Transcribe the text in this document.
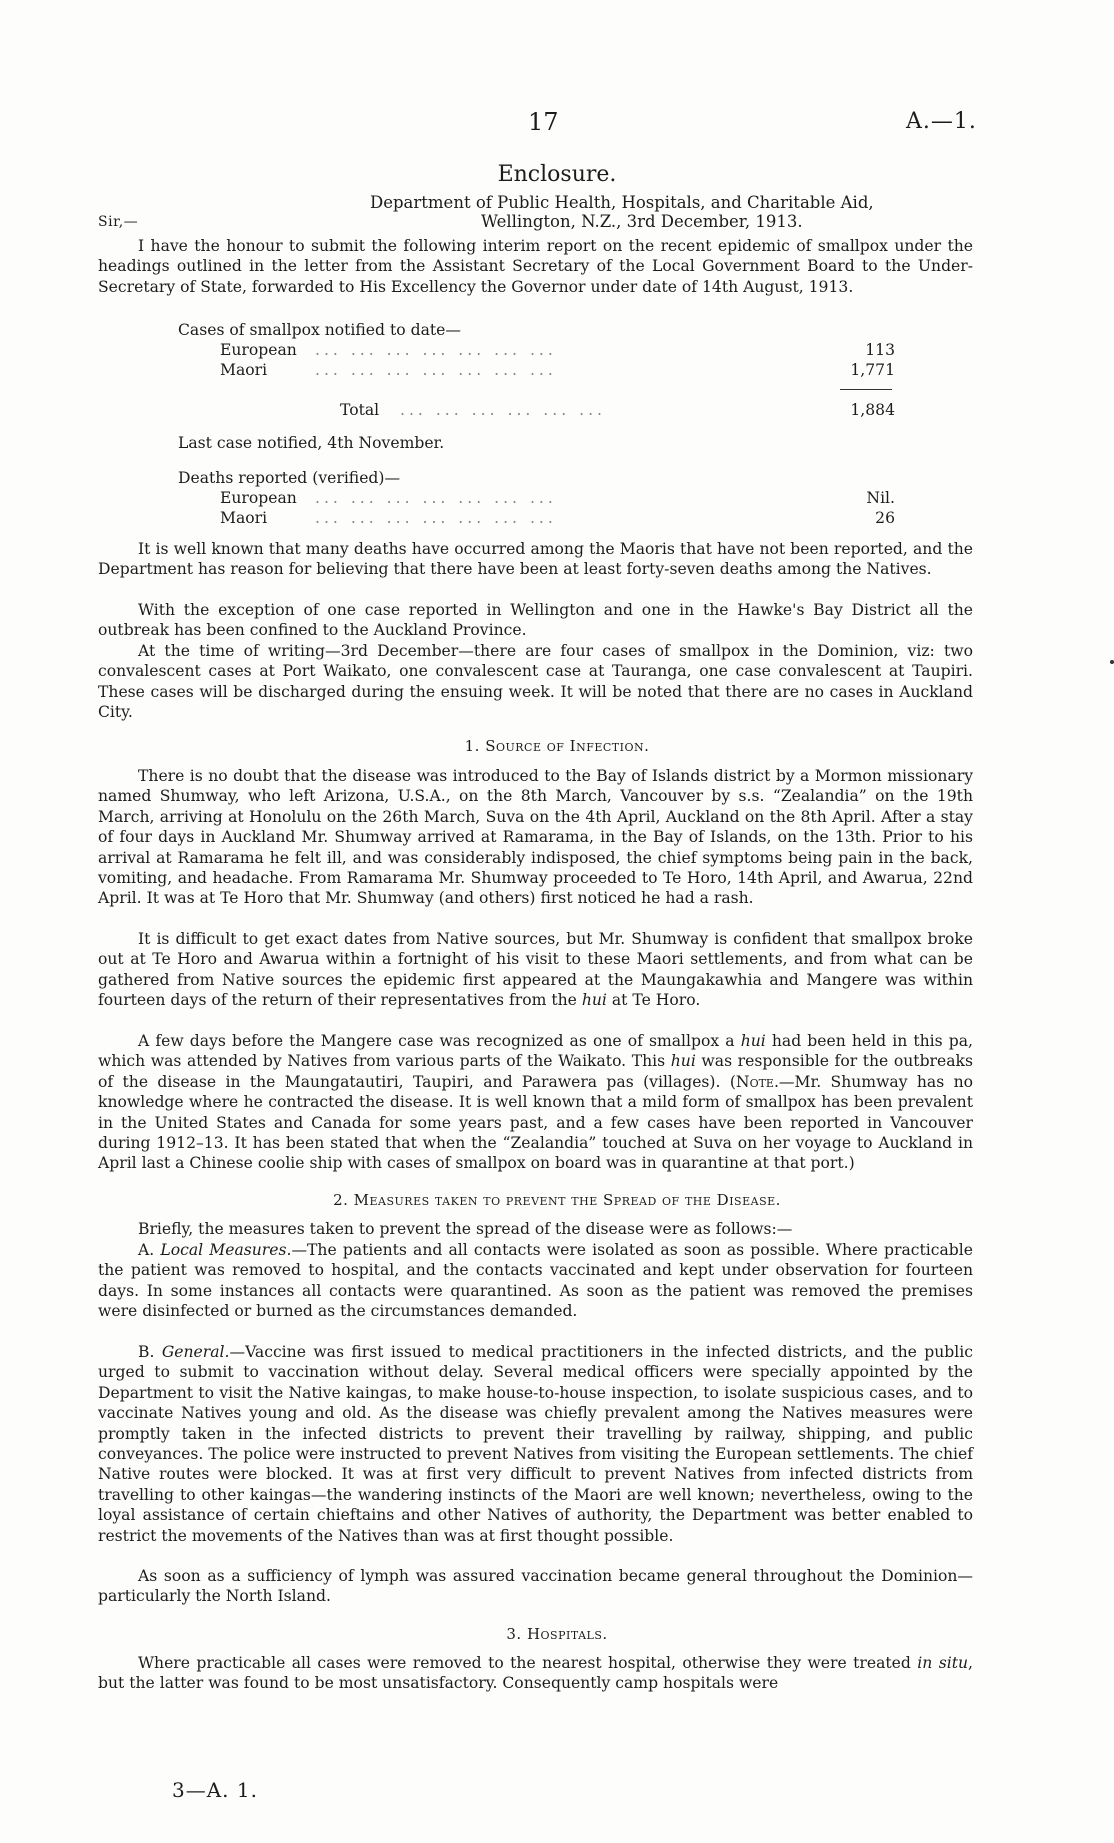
17	A.—1.
Enclosure.
Department of Public Health, Hospitals, and Charitable Aid,
Sir,—	Wellington, N.Z., 3rd December, 1913.
I have the honour to submit the following interim report on the recent epidemic of smallpox under the headings outlined in the letter from the Assistant Secretary of the Local Government Board to the Under-Secretary of State, forwarded to His Excellency the Governor under date of 14th August, 1913.
Cases of smallpox notified to date—
European ... ... ... ... ... ... ...	113
Maori	... ... ... ... ... ... ...	1,771
Total ... ... ... ... ... ...	1,884
Last case notified, 4th November.
Deaths reported (verified)—
European ... ... ... ... ... ... ...	Nil.
Maori	... ... ... ... ... ... ...	26
It is well known that many deaths have occurred among the Maoris that have not been reported, and the Department has reason for believing that there have been at least forty-seven deaths among the Natives.
With the exception of one case reported in Wellington and one in the Hawke's Bay District all the outbreak has been confined to the Auckland Province.
At the time of writing—3rd December—there are four cases of smallpox in the Dominion, viz: two convalescent cases at Port Waikato, one convalescent case at Tauranga, one case convalescent at Taupiri. These cases will be discharged during the ensuing week. It will be noted that there are no cases in Auckland City.
1. Source of Infection.
There is no doubt that the disease was introduced to the Bay of Islands district by a Mormon missionary named Shumway, who left Arizona, U.S.A., on the 8th March, Vancouver by s.s. “Zealandia” on the 19th March, arriving at Honolulu on the 26th March, Suva on the 4th April, Auckland on the 8th April. After a stay of four days in Auckland Mr. Shumway arrived at Ramarama, in the Bay of Islands, on the 13th. Prior to his arrival at Ramarama he felt ill, and was considerably indisposed, the chief symptoms being pain in the back, vomiting, and headache. From Ramarama Mr. Shumway proceeded to Te Horo, 14th April, and Awarua, 22nd April. It was at Te Horo that Mr. Shumway (and others) first noticed he had a rash.
It is difficult to get exact dates from Native sources, but Mr. Shumway is confident that smallpox broke out at Te Horo and Awarua within a fortnight of his visit to these Maori settlements, and from what can be gathered from Native sources the epidemic first appeared at the Maungakawhia and Mangere was within fourteen days of the return of their representatives from the hui at Te Horo.
A few days before the Mangere case was recognized as one of smallpox a hui had been held in this pa, which was attended by Natives from various parts of the Waikato. This hui was responsible for the outbreaks of the disease in the Maungatautiri, Taupiri, and Parawera pas (villages). (Note.—Mr. Shumway has no knowledge where he contracted the disease. It is well known that a mild form of smallpox has been prevalent in the United States and Canada for some years past, and a few cases have been reported in Vancouver during 1912–13. It has been stated that when the “Zealandia” touched at Suva on her voyage to Auckland in April last a Chinese coolie ship with cases of smallpox on board was in quarantine at that port.)
2. Measures taken to prevent the Spread of the Disease.
Briefly, the measures taken to prevent the spread of the disease were as follows:—
A. Local Measures.—The patients and all contacts were isolated as soon as possible. Where practicable the patient was removed to hospital, and the contacts vaccinated and kept under observation for fourteen days. In some instances all contacts were quarantined. As soon as the patient was removed the premises were disinfected or burned as the circumstances demanded.
B. General.—Vaccine was first issued to medical practitioners in the infected districts, and the public urged to submit to vaccination without delay. Several medical officers were specially appointed by the Department to visit the Native kaingas, to make house-to-house inspection, to isolate suspicious cases, and to vaccinate Natives young and old. As the disease was chiefly prevalent among the Natives measures were promptly taken in the infected districts to prevent their travelling by railway, shipping, and public conveyances. The police were instructed to prevent Natives from visiting the European settlements. The chief Native routes were blocked. It was at first very difficult to prevent Natives from infected districts from travelling to other kaingas—the wandering instincts of the Maori are well known; nevertheless, owing to the loyal assistance of certain chieftains and other Natives of authority, the Department was better enabled to restrict the movements of the Natives than was at first thought possible.
As soon as a sufficiency of lymph was assured vaccination became general throughout the Dominion—particularly the North Island.
3. Hospitals.
Where practicable all cases were removed to the nearest hospital, otherwise they were treated in situ, but the latter was found to be most unsatisfactory. Consequently camp hospitals were
3—A. 1.
